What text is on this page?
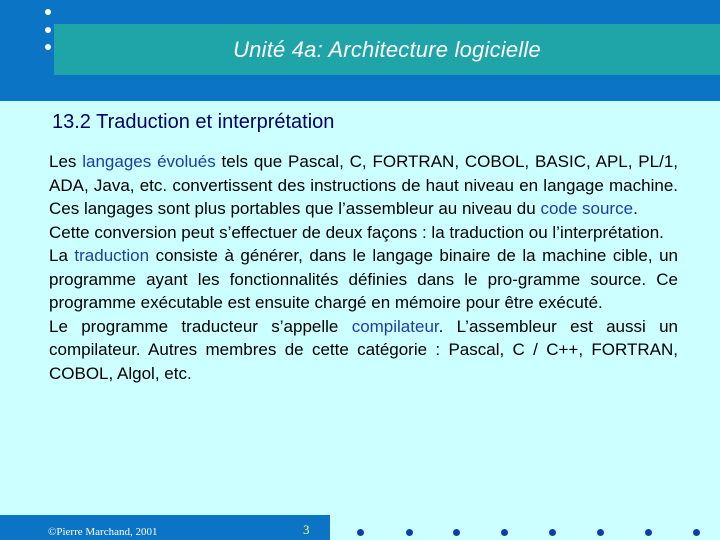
Unité 4a: Architecture logicielle
13.2 Traduction et interprétation

Les langages évolués tels que Pascal, C, FORTRAN, COBOL, BASIC, APL, PL/1, ADA, Java, etc. convertissent des instructions de haut niveau en langage machine. Ces langages sont plus portables que l’assembleur au niveau du code source.

Cette conversion peut s’effectuer de deux façons : la traduction ou l’interprétation.

La traduction consiste à générer, dans le langage binaire de la machine cible, un programme ayant les fonctionnalités définies dans le pro-gramme source. Ce programme exécutable est ensuite chargé en mémoire pour être exécuté.

Le programme traducteur s’appelle compilateur. L’assembleur est aussi un compilateur. Autres membres de cette catégorie : Pascal, C / C++, FORTRAN, COBOL, Algol, etc.

©Pierre Marchand, 2001	3
